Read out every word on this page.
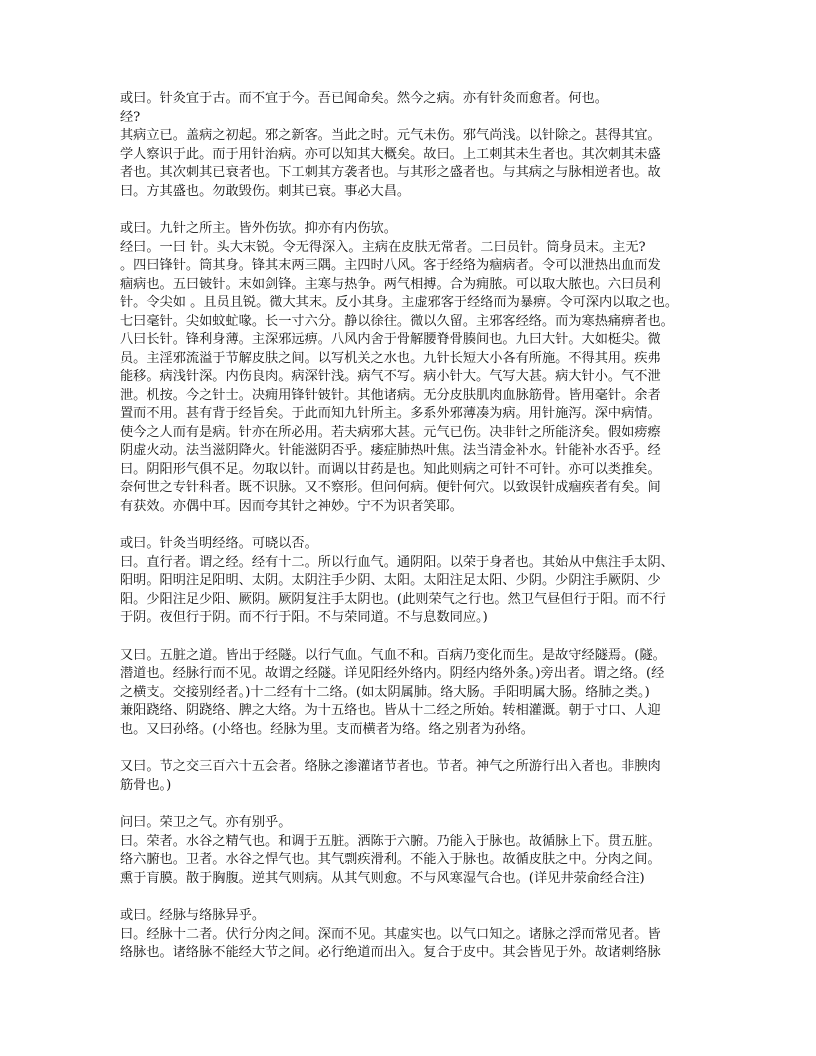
或曰。针灸宜于古。而不宜于今。吾已闻命矣。然今之病。亦有针灸而愈者。何也。
经?
其病立已。盖病之初起。邪之新客。当此之时。元气未伤。邪气尚浅。以针除之。甚得其宜。
学人察识于此。而于用针治病。亦可以知其大概矣。故曰。上工刺其未生者也。其次刺其未盛
者也。其次刺其已衰者也。下工刺其方袭者也。与其形之盛者也。与其病之与脉相逆者也。故
曰。方其盛也。勿敢毁伤。刺其已衰。事必大昌。
或曰。九针之所主。皆外伤欤。抑亦有内伤欤。
经曰。一曰 针。头大末锐。令无得深入。主病在皮肤无常者。二曰员针。筒身员末。主无?
。四曰锋针。筒其身。锋其末两三隅。主四时八风。客于经络为痼病者。令可以泄热出血而发
痼病也。五曰铍针。末如剑锋。主寒与热争。两气相搏。合为痈脓。可以取大脓也。六曰员利
针。令尖如 。且员且锐。微大其末。反小其身。主虚邪客于经络而为暴痹。令可深内以取之也。
七曰毫针。尖如蚊虻喙。长一寸六分。静以徐往。微以久留。主邪客经络。而为寒热痛痹者也。
八曰长针。锋利身薄。主深邪远痹。八风内舍于骨解腰脊骨腠间也。九曰大针。大如梃尖。微
员。主淫邪流溢于节解皮肤之间。以写机关之水也。九针长短大小各有所施。不得其用。疾弗
能移。病浅针深。内伤良肉。病深针浅。病气不写。病小针大。气写大甚。病大针小。气不泄
泄。机按。今之针士。决痈用锋针铍针。其他诸病。无分皮肤肌肉血脉筋骨。皆用毫针。余者
置而不用。甚有背于经旨矣。于此而知九针所主。多系外邪薄凑为病。用针施泻。深中病情。
使今之人而有是病。针亦在所必用。若夫病邪大甚。元气已伤。决非针之所能济矣。假如痨瘵
阴虚火动。法当滋阴降火。针能滋阴否乎。痿症肺热叶焦。法当清金补水。针能补水否乎。经
曰。阴阳形气俱不足。勿取以针。而调以甘药是也。知此则病之可针不可针。亦可以类推矣。
奈何世之专针科者。既不识脉。又不察形。但问何病。便针何穴。以致误针成痼疾者有矣。间
有获效。亦偶中耳。因而夸其针之神妙。宁不为识者笑耶。
或曰。针灸当明经络。可晓以否。
曰。直行者。谓之经。经有十二。所以行血气。通阴阳。以荣于身者也。其始从中焦注手太阴、
阳明。阳明注足阳明、太阴。太阴注手少阴、太阳。太阳注足太阳、少阴。少阴注手厥阴、少
阳。少阳注足少阳、厥阴。厥阴复注手太阴也。(此则荣气之行也。然卫气昼但行于阳。而不行
于阴。夜但行于阴。而不行于阳。不与荣同道。不与息数同应。)
又曰。五脏之道。皆出于经隧。以行气血。气血不和。百病乃变化而生。是故守经隧焉。(隧。
潜道也。经脉行而不见。故谓之经隧。详见阳经外络内。阴经内络外条。)旁出者。谓之络。(经
之横支。交接别经者。)十二经有十二络。(如太阴属肺。络大肠。手阳明属大肠。络肺之类。)
兼阳跷络、阴跷络、脾之大络。为十五络也。皆从十二经之所始。转相灌溉。朝于寸口、人迎
也。又曰孙络。(小络也。经脉为里。支而横者为络。络之别者为孙络。
又曰。节之交三百六十五会者。络脉之渗灌诸节者也。节者。神气之所游行出入者也。非腴肉
筋骨也。)
问曰。荣卫之气。亦有别乎。
曰。荣者。水谷之精气也。和调于五脏。洒陈于六腑。乃能入于脉也。故循脉上下。贯五脏。
络六腑也。卫者。水谷之悍气也。其气剽疾滑利。不能入于脉也。故循皮肤之中。分肉之间。
熏于肓膜。散于胸腹。逆其气则病。从其气则愈。不与风寒湿气合也。(详见井荥俞经合注)
或曰。经脉与络脉异乎。
曰。经脉十二者。伏行分肉之间。深而不见。其虚实也。以气口知之。诸脉之浮而常见者。皆
络脉也。诸络脉不能经大节之间。必行绝道而出入。复合于皮中。其会皆见于外。故诸刺络脉
